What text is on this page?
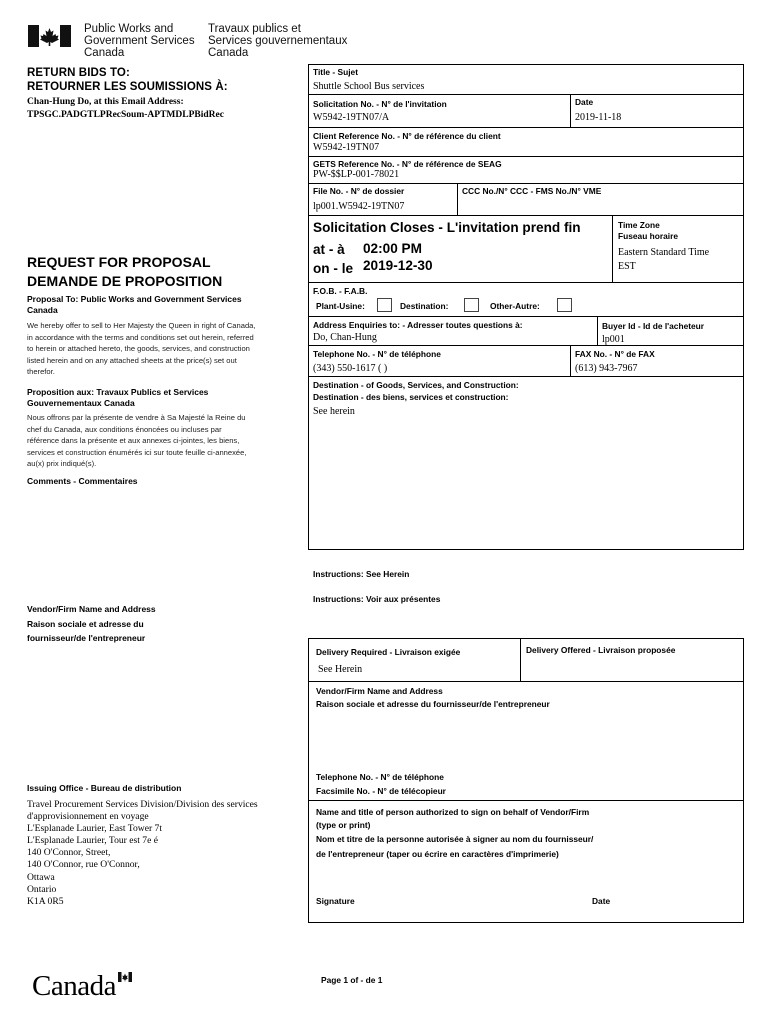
Public Works and
Government Services
Canada
Travaux publics et
Services gouvernementaux
Canada
RETURN BIDS TO:
RETOURNER LES SOUMISSIONS À:
Chan-Hung Do, at this Email Address:
TPSGC.PADGTLPRecSoum-APTMDLPBidRec
REQUEST FOR PROPOSAL
DEMANDE DE PROPOSITION
Proposal To: Public Works and Government Services Canada
We hereby offer to sell to Her Majesty the Queen in right of Canada, in accordance with the terms and conditions set out herein, referred to herein or attached hereto, the goods, services, and construction listed herein and on any attached sheets at the price(s) set out therefor.
Proposition aux: Travaux Publics et Services Gouvernementaux Canada
Nous offrons par la présente de vendre à Sa Majesté la Reine du chef du Canada, aux conditions énoncées ou incluses par référence dans la présente et aux annexes ci-jointes, les biens, services et construction énumérés ici sur toute feuille ci-annexée, au(x) prix indiqué(s).
Comments - Commentaires
Vendor/Firm Name and Address
Raison sociale et adresse du
fournisseur/de l'entrepreneur
Issuing Office - Bureau de distribution
Travel Procurement Services Division/Division des services
d'approvisionnement en voyage
L'Esplanade Laurier, East Tower 7t
L'Esplanade Laurier, Tour est 7e é
140 O'Connor, Street,
140 O'Connor, rue O'Connor,
Ottawa
Ontario
K1A 0R5
Title - Sujet
Shuttle School Bus services
Solicitation No. - N° de l'invitation
W5942-19TN07/A
Date
2019-11-18
Client Reference No. - N° de référence du client
W5942-19TN07
GETS Reference No. - N° de référence de SEAG
PW-$$LP-001-78021
File No. - N° de dossier
lp001.W5942-19TN07
CCC No./N° CCC - FMS No./N° VME
Solicitation Closes - L'invitation prend fin
at - à 02:00 PM
on - le 2019-12-30
Time Zone
Fuseau horaire
Eastern Standard Time
EST
F.O.B. - F.A.B.
Plant-Usine:	Destination:	Other-Autre:
Address Enquiries to: - Adresser toutes questions à:
Do, Chan-Hung
Buyer Id - Id de l'acheteur
lp001
Telephone No. - N° de téléphone
(343) 550-1617 ( )
FAX No. - N° de FAX
(613) 943-7967
Destination - of Goods, Services, and Construction:
Destination - des biens, services et construction:
See herein
Instructions: See Herein
Instructions: Voir aux présentes
Delivery Required - Livraison exigée
See Herein
Delivery Offered - Livraison proposée
Vendor/Firm Name and Address
Raison sociale et adresse du fournisseur/de l'entrepreneur
Telephone No. - N° de téléphone
Facsimile No. - N° de télécopieur
Name and title of person authorized to sign on behalf of Vendor/Firm
(type or print)
Nom et titre de la personne autorisée à signer au nom du fournisseur/
de l'entrepreneur (taper ou écrire en caractères d'imprimerie)
Signature	Date
Canada	Page 1 of - de 1
